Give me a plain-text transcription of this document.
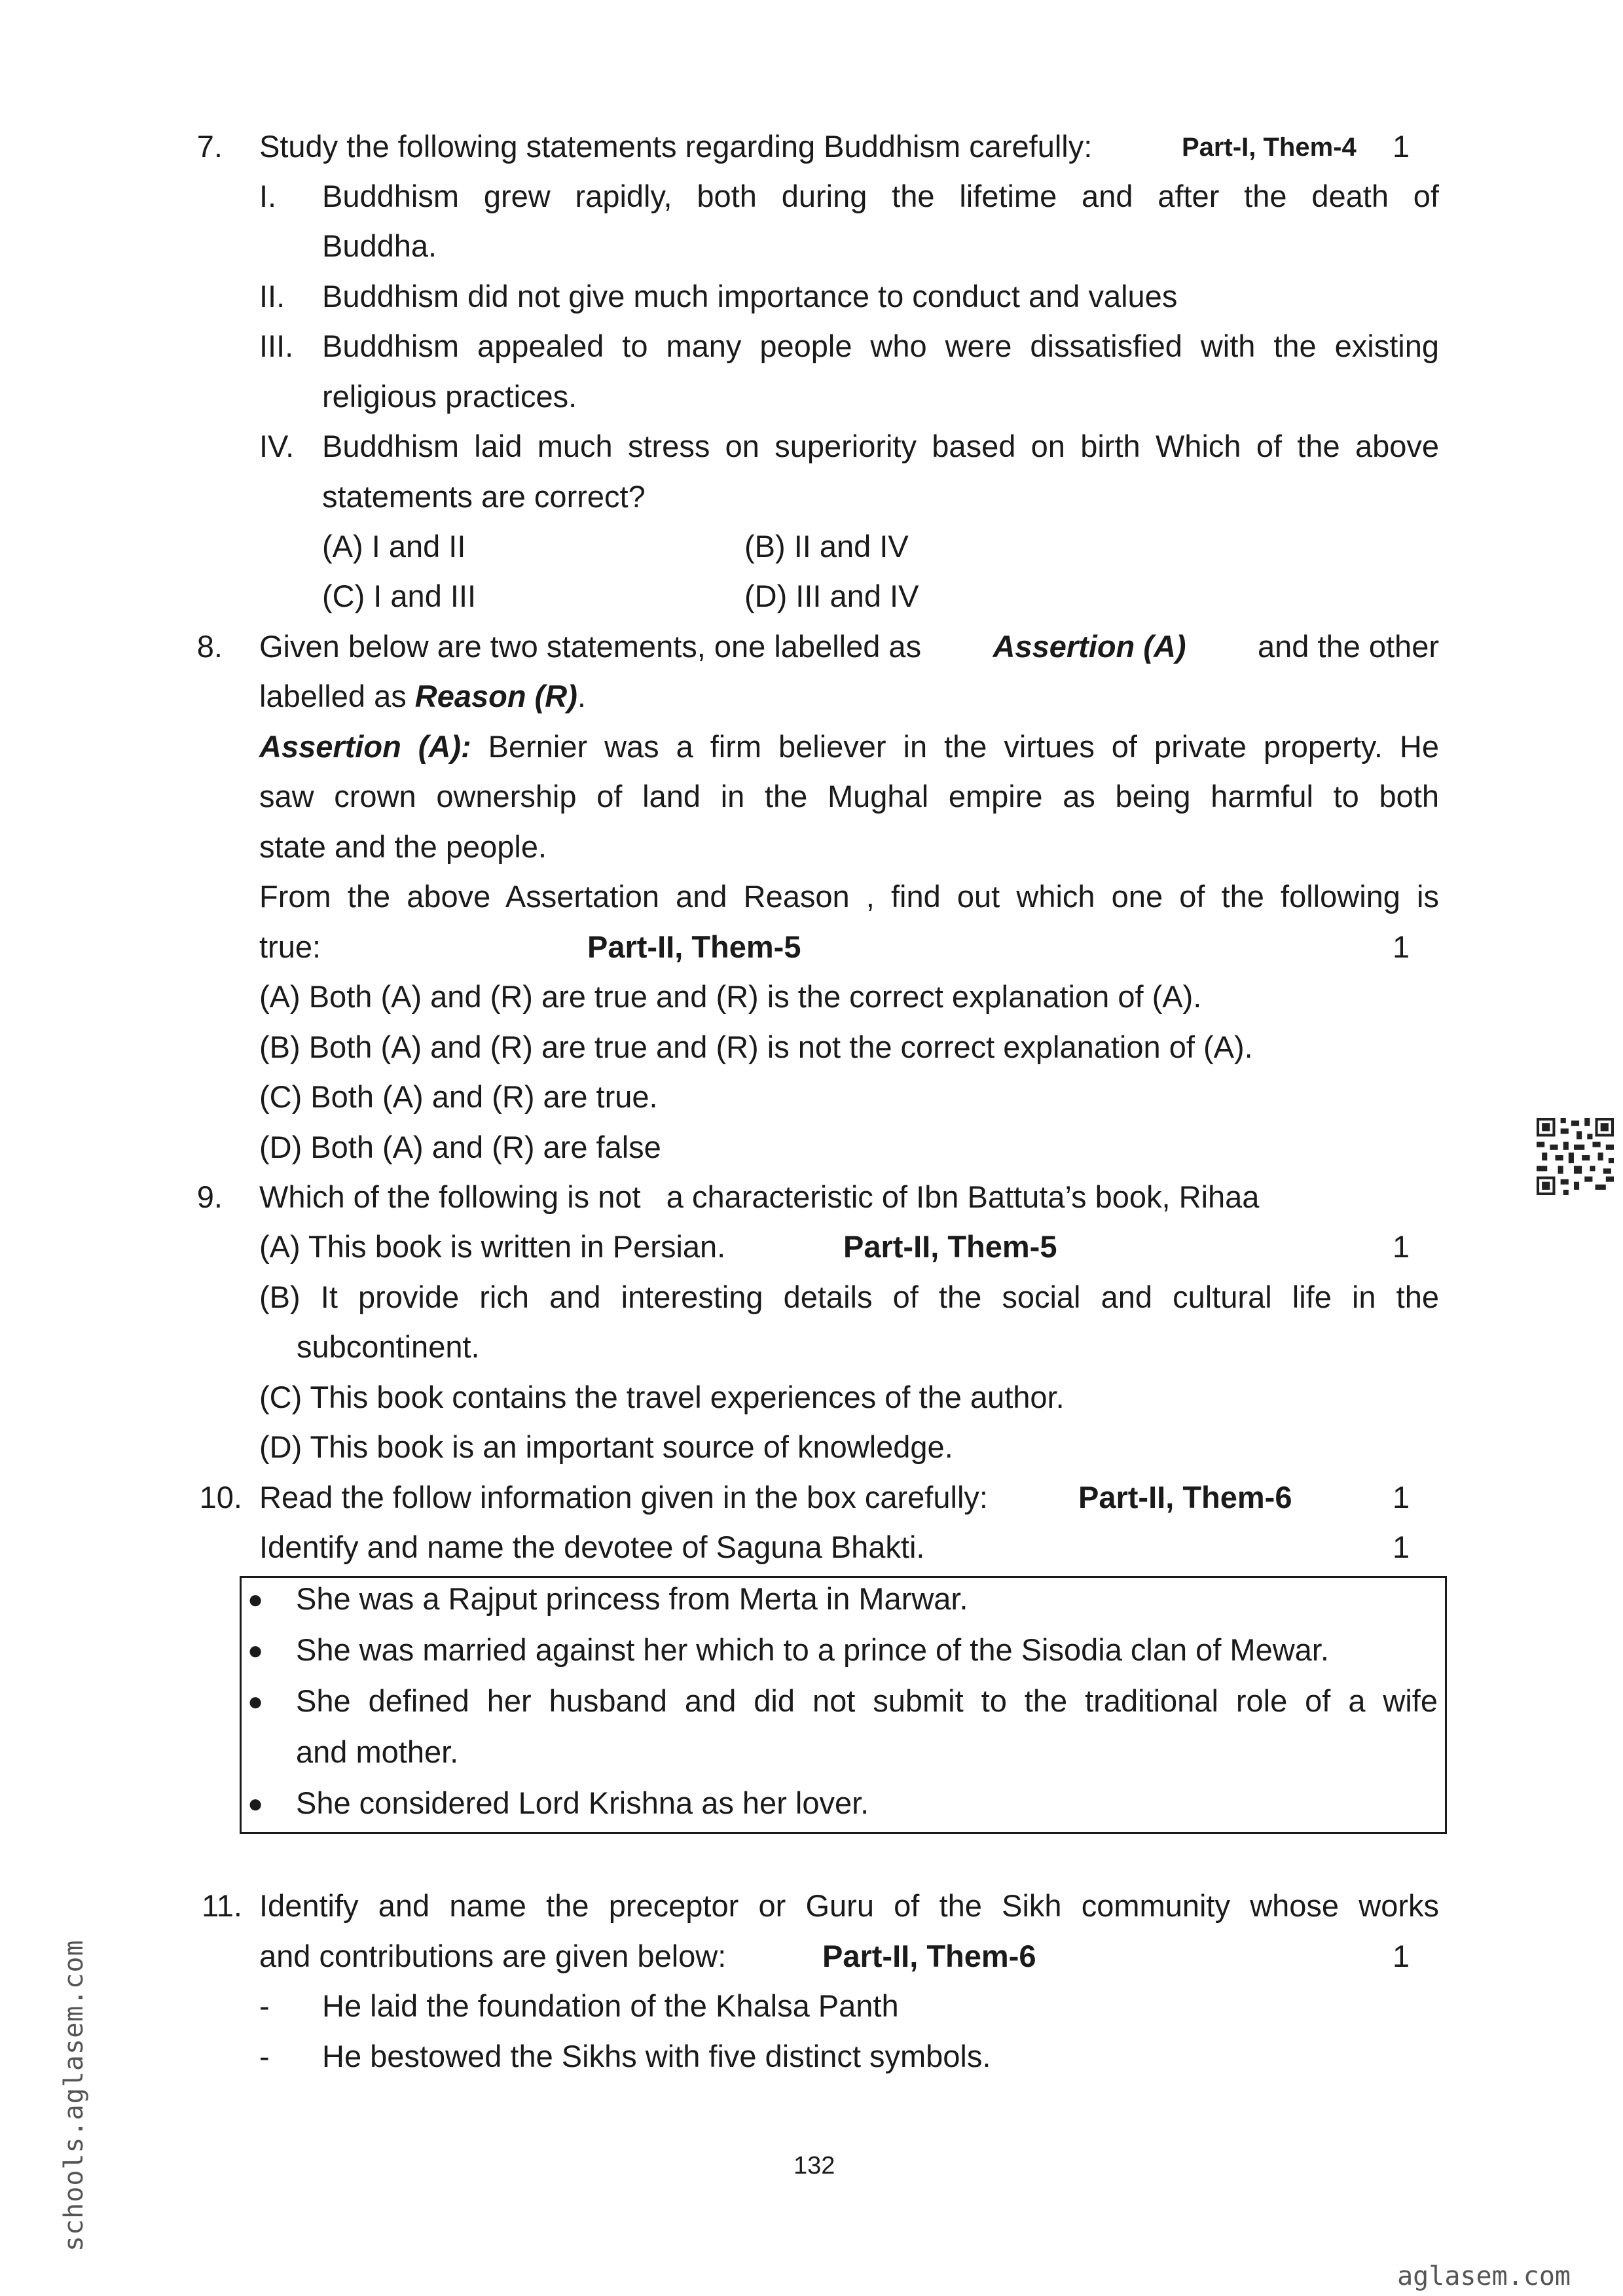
7. Study the following statements regarding Buddhism carefully:	Part-I, Them-4 1
I. Buddhism grew rapidly, both during the lifetime and after the death of
Buddha.
II. Buddhism did not give much importance to conduct and values
III. Buddhism appealed to many people who were dissatisfied with the existing
religious practices.
IV. Buddhism laid much stress on superiority based on birth Which of the above
statements are correct?
(A) I and II	(B) II and IV
(C) I and III	(D) III and IV
8. Given below are two statements, one labelled as Assertion (A) and the other
labelled as Reason (R).
Assertion (A): Bernier was a firm believer in the virtues of private property. He
saw crown ownership of land in the Mughal empire as being harmful to both
state and the people.
From the above Assertation and Reason , find out which one of the following is
true:	Part-II, Them-5	1
(A) Both (A) and (R) are true and (R) is the correct explanation of (A).
(B) Both (A) and (R) are true and (R) is not the correct explanation of (A).
(C) Both (A) and (R) are true.
(D) Both (A) and (R) are false
9. Which of the following is not   a characteristic of Ibn Battuta’s book, Rihaa
(A) This book is written in Persian.	Part-II, Them-5	1
(B) It provide rich and interesting details of the social and cultural life in the
subcontinent.
(C) This book contains the travel experiences of the author.
(D) This book is an important source of knowledge.
10. Read the follow information given in the box carefully:	Part-II, Them-6	1
Identify and name the devotee of Saguna Bhakti.	1
● She was a Rajput princess from Merta in Marwar.
● She was married against her which to a prince of the Sisodia clan of Mewar.
● She defined her husband and did not submit to the traditional role of a wife
and mother.
● She considered Lord Krishna as her lover.
11. Identify and name the preceptor or Guru of the Sikh community whose works
and contributions are given below:	Part-II, Them-6	1
- He laid the foundation of the Khalsa Panth
- He bestowed the Sikhs with five distinct symbols.
132
schools.aglasem.com
aglasem.com
